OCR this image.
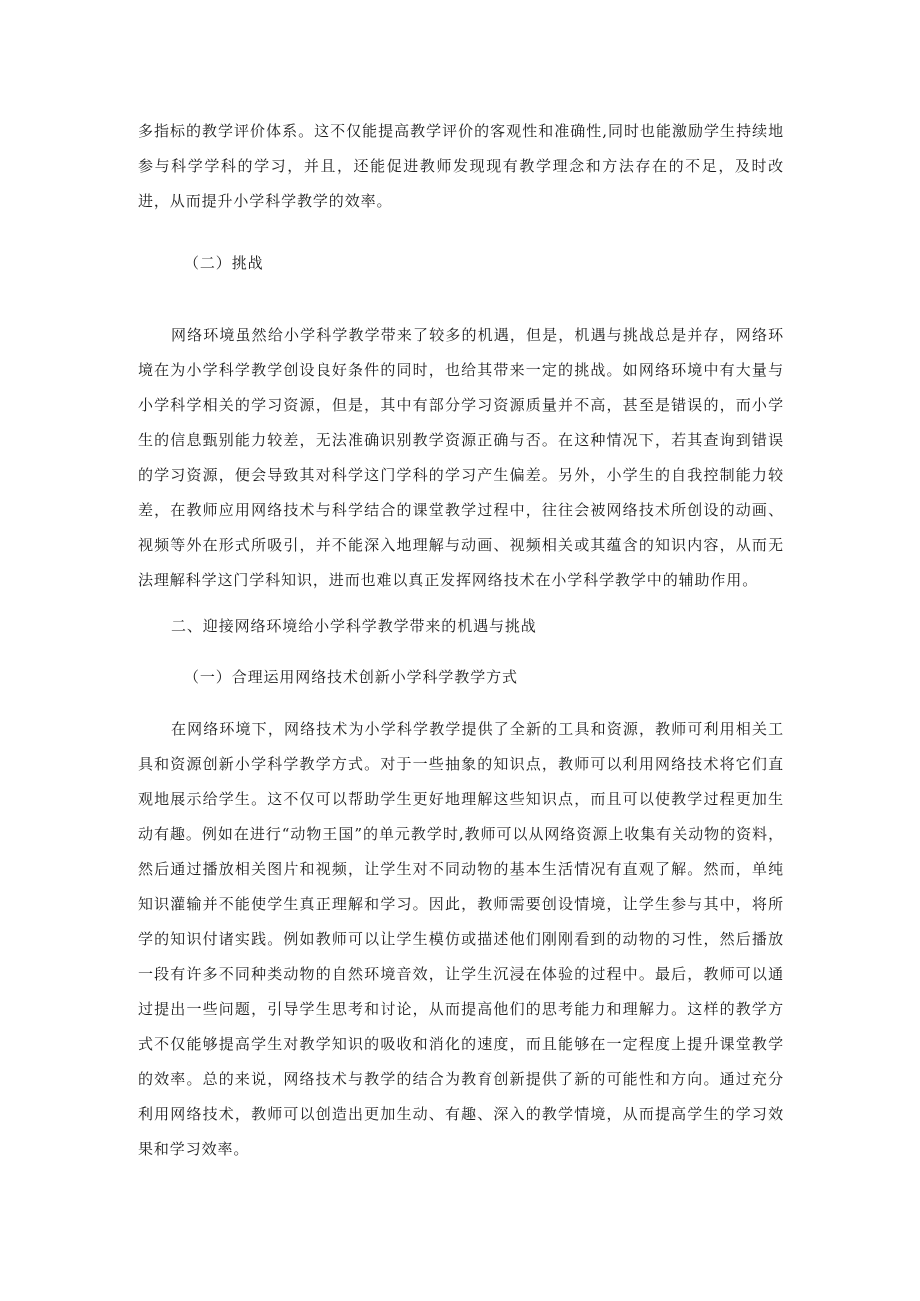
多指标的教学评价体系。这不仅能提高教学评价的客观性和准确性,同时也能激励学生持续地参与科学学科的学习，并且，还能促进教师发现现有教学理念和方法存在的不足，及时改进，从而提升小学科学教学的效率。

（二）挑战

网络环境虽然给小学科学教学带来了较多的机遇，但是，机遇与挑战总是并存，网络环境在为小学科学教学创设良好条件的同时，也给其带来一定的挑战。如网络环境中有大量与小学科学相关的学习资源，但是，其中有部分学习资源质量并不高，甚至是错误的，而小学生的信息甄别能力较差，无法准确识别教学资源正确与否。在这种情况下，若其查询到错误的学习资源，便会导致其对科学这门学科的学习产生偏差。另外，小学生的自我控制能力较差，在教师应用网络技术与科学结合的课堂教学过程中，往往会被网络技术所创设的动画、视频等外在形式所吸引，并不能深入地理解与动画、视频相关或其蕴含的知识内容，从而无法理解科学这门学科知识，进而也难以真正发挥网络技术在小学科学教学中的辅助作用。

二、迎接网络环境给小学科学教学带来的机遇与挑战

（一）合理运用网络技术创新小学科学教学方式

在网络环境下，网络技术为小学科学教学提供了全新的工具和资源，教师可利用相关工具和资源创新小学科学教学方式。对于一些抽象的知识点，教师可以利用网络技术将它们直观地展示给学生。这不仅可以帮助学生更好地理解这些知识点，而且可以使教学过程更加生动有趣。例如在进行“动物王国”的单元教学时,教师可以从网络资源上收集有关动物的资料，然后通过播放相关图片和视频，让学生对不同动物的基本生活情况有直观了解。然而，单纯知识灌输并不能使学生真正理解和学习。因此，教师需要创设情境，让学生参与其中，将所学的知识付诸实践。例如教师可以让学生模仿或描述他们刚刚看到的动物的习性，然后播放一段有许多不同种类动物的自然环境音效，让学生沉浸在体验的过程中。最后，教师可以通过提出一些问题，引导学生思考和讨论，从而提高他们的思考能力和理解力。这样的教学方式不仅能够提高学生对教学知识的吸收和消化的速度，而且能够在一定程度上提升课堂教学的效率。总的来说，网络技术与教学的结合为教育创新提供了新的可能性和方向。通过充分利用网络技术，教师可以创造出更加生动、有趣、深入的教学情境，从而提高学生的学习效果和学习效率。
